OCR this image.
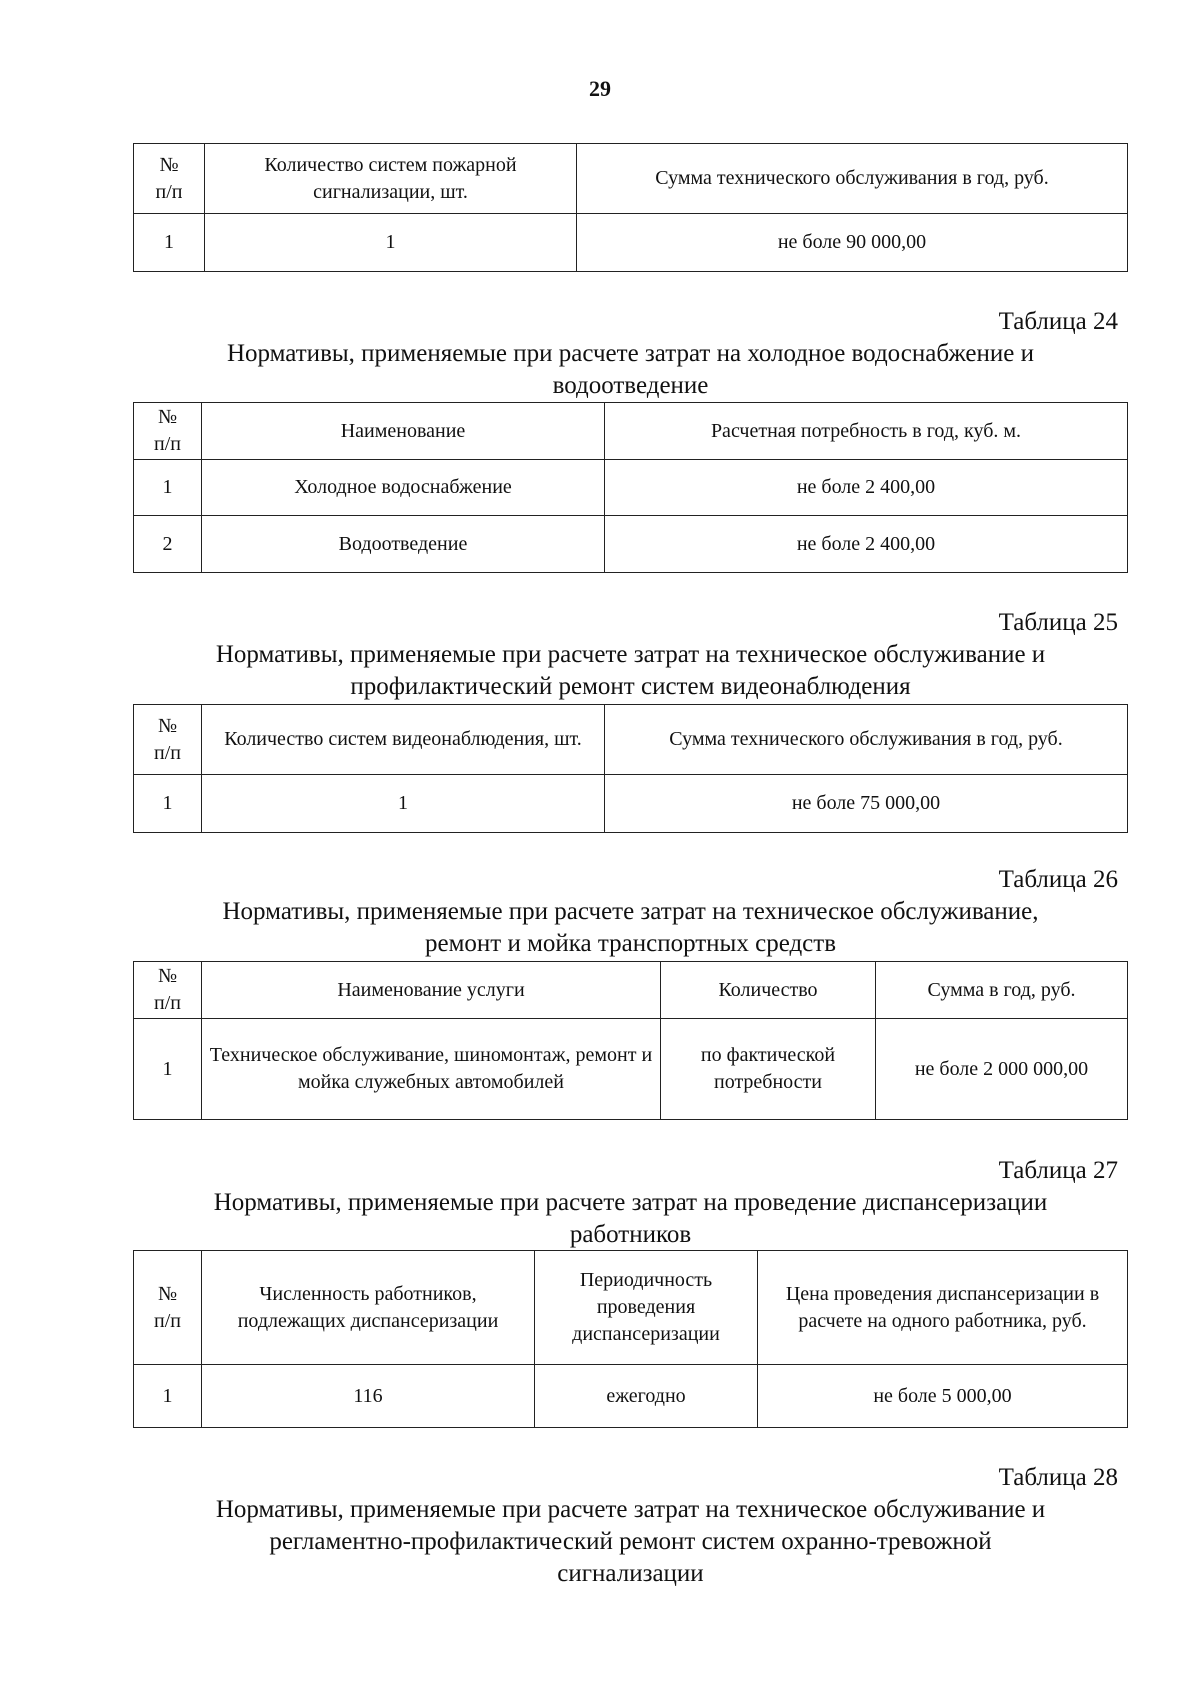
29
№
п/п	Количество систем пожарной сигнализации, шт.	Сумма технического обслуживания в год, руб.
1	1	не боле 90 000,00
Таблица 24
Нормативы, применяемые при расчете затрат на холодное водоснабжение и
водоотведение
№
п/п	Наименование	Расчетная потребность в год, куб. м.
1	Холодное водоснабжение	не боле 2 400,00
2	Водоотведение	не боле 2 400,00
Таблица 25
Нормативы, применяемые при расчете затрат на техническое обслуживание и
профилактический ремонт систем видеонаблюдения
№
п/п	Количество систем видеонаблюдения, шт.	Сумма технического обслуживания в год, руб.
1	1	не боле 75 000,00
Таблица 26
Нормативы, применяемые при расчете затрат на техническое обслуживание,
ремонт и мойка транспортных средств
№
п/п	Наименование услуги	Количество	Сумма в год, руб.
1	Техническое обслуживание, шиномонтаж, ремонт и мойка служебных автомобилей	по фактической потребности	не боле 2 000 000,00
Таблица 27
Нормативы, применяемые при расчете затрат на проведение диспансеризации
работников
№
п/п	Численность работников, подлежащих диспансеризации	Периодичность проведения диспансеризации	Цена проведения диспансеризации в расчете на одного работника, руб.
1	116	ежегодно	не боле 5 000,00
Таблица 28
Нормативы, применяемые при расчете затрат на техническое обслуживание и
регламентно-профилактический ремонт систем охранно-тревожной
сигнализации
